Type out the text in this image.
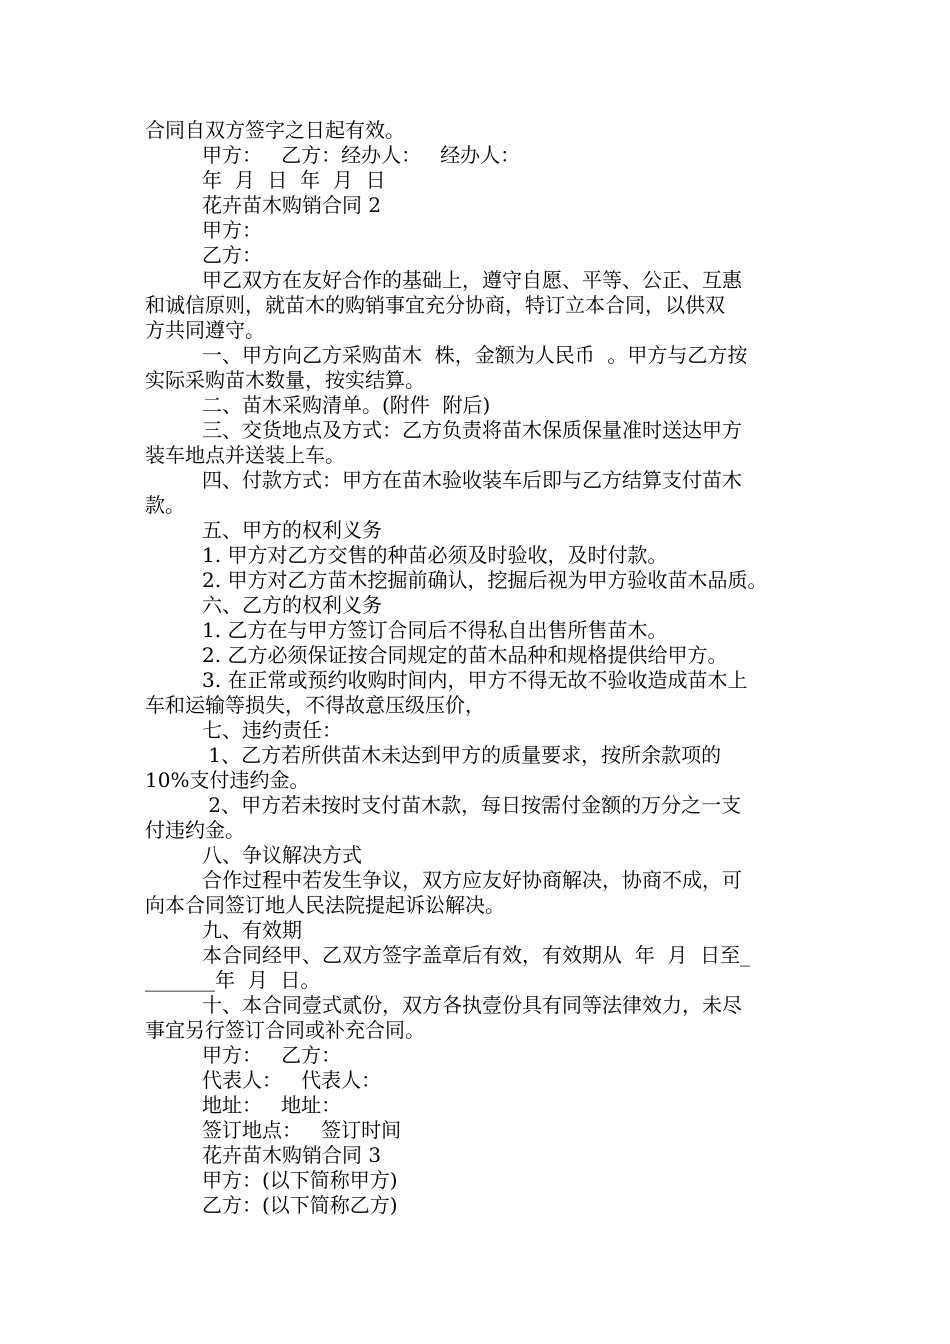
合同自双方签字之日起有效。
甲方：   乙方：经办人：   经办人：
年  月  日  年  月  日
花卉苗木购销合同 2
甲方：
乙方：
甲乙双方在友好合作的基础上，遵守自愿、平等、公正、互惠
和诚信原则，就苗木的购销事宜充分协商，特订立本合同，以供双
方共同遵守。
一、甲方向乙方采购苗木  株，金额为人民币  。甲方与乙方按
实际采购苗木数量，按实结算。
二、苗木采购清单。(附件  附后)
三、交货地点及方式：乙方负责将苗木保质保量准时送达甲方
装车地点并送装上车。
四、付款方式：甲方在苗木验收装车后即与乙方结算支付苗木
款。
五、甲方的权利义务
1. 甲方对乙方交售的种苗必须及时验收，及时付款。
2. 甲方对乙方苗木挖掘前确认，挖掘后视为甲方验收苗木品质。
六、乙方的权利义务
1. 乙方在与甲方签订合同后不得私自出售所售苗木。
2. 乙方必须保证按合同规定的苗木品种和规格提供给甲方。
3. 在正常或预约收购时间内，甲方不得无故不验收造成苗木上
车和运输等损失，不得故意压级压价，
七、违约责任：
1、乙方若所供苗木未达到甲方的质量要求，按所余款项的
10%支付违约金。
2、甲方若未按时支付苗木款，每日按需付金额的万分之一支
付违约金。
八、争议解决方式
合作过程中若发生争议，双方应友好协商解决，协商不成，可
向本合同签订地人民法院提起诉讼解决。
九、有效期
本合同经甲、乙双方签字盖章后有效，有效期从  年  月  日至_
_______年  月  日。
十、本合同壹式贰份，双方各执壹份具有同等法律效力，未尽
事宜另行签订合同或补充合同。
甲方：   乙方：
代表人：   代表人：
地址：   地址：
签订地点：   签订时间
花卉苗木购销合同 3
甲方：(以下简称甲方)
乙方：(以下简称乙方)
